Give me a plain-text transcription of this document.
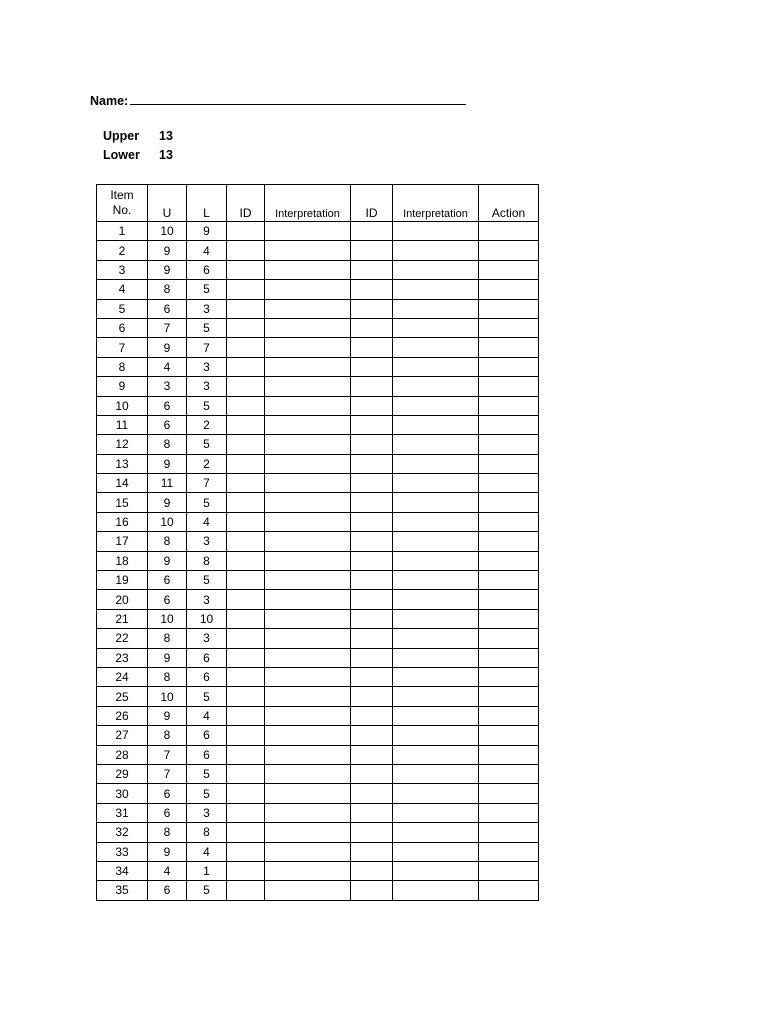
Name:
Upper 13
Lower 13
Item
No.	U	L	ID	Interpretation	ID	Interpretation	Action
1	10	9					
2	9	4					
3	9	6					
4	8	5					
5	6	3					
6	7	5					
7	9	7					
8	4	3					
9	3	3					
10	6	5					
11	6	2					
12	8	5					
13	9	2					
14	11	7					
15	9	5					
16	10	4					
17	8	3					
18	9	8					
19	6	5					
20	6	3					
21	10	10					
22	8	3					
23	9	6					
24	8	6					
25	10	5					
26	9	4					
27	8	6					
28	7	6					
29	7	5					
30	6	5					
31	6	3					
32	8	8					
33	9	4					
34	4	1					
35	6	5					
